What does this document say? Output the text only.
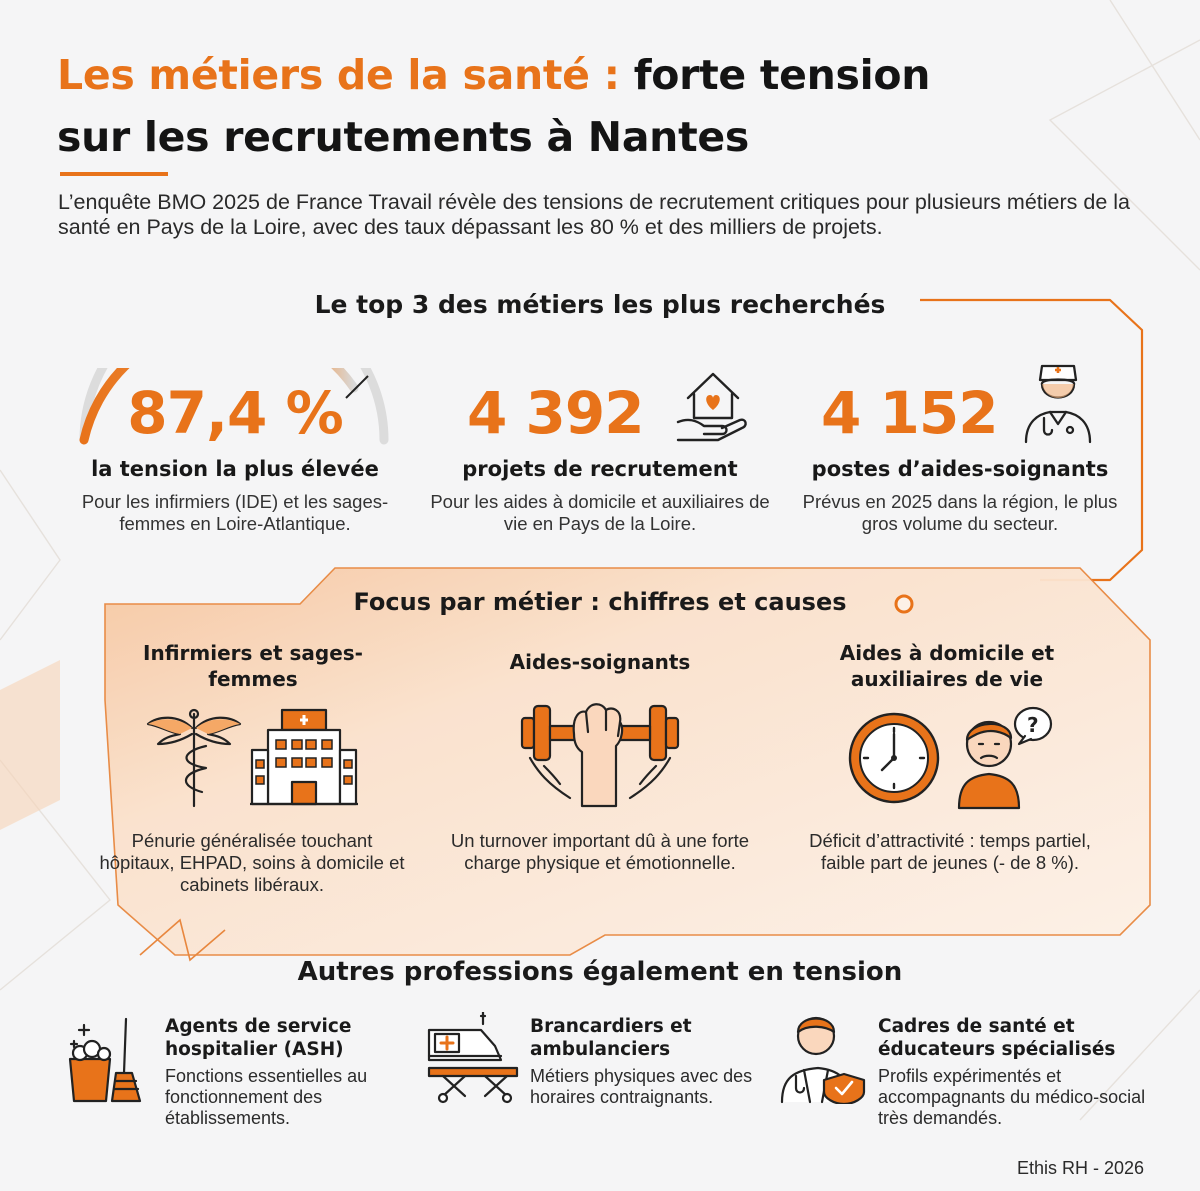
Les métiers de la santé : forte tension
sur les recrutements à Nantes

L’enquête BMO 2025 de France Travail révèle des tensions de recrutement critiques pour plusieurs métiers de la santé en Pays de la Loire, avec des taux dépassant les 80 % et des milliers de projets.

Le top 3 des métiers les plus recherchés
87,4 %
la tension la plus élevée
Pour les infirmiers (IDE) et les sages-femmes en Loire-Atlantique.
4 392
projets de recrutement
Pour les aides à domicile et auxiliaires de vie en Pays de la Loire.
4 152
postes d’aides-soignants
Prévus en 2025 dans la région, le plus gros volume du secteur.
Focus par métier : chiffres et causes
Infirmiers et sages-femmes
Pénurie généralisée touchant hôpitaux, EHPAD, soins à domicile et cabinets libéraux.
Aides-soignants
Un turnover important dû à une forte charge physique et émotionnelle.
Aides à domicile et auxiliaires de vie
?
Déficit d’attractivité : temps partiel, faible part de jeunes (- de 8 %).
Autres professions également en tension
Agents de service hospitalier (ASH)
Fonctions essentielles au fonctionnement des établissements.
Brancardiers et ambulanciers
Métiers physiques avec des horaires contraignants.
Cadres de santé et éducateurs spécialisés
Profils expérimentés et accompagnants du médico-social très demandés.
Ethis RH - 2026
